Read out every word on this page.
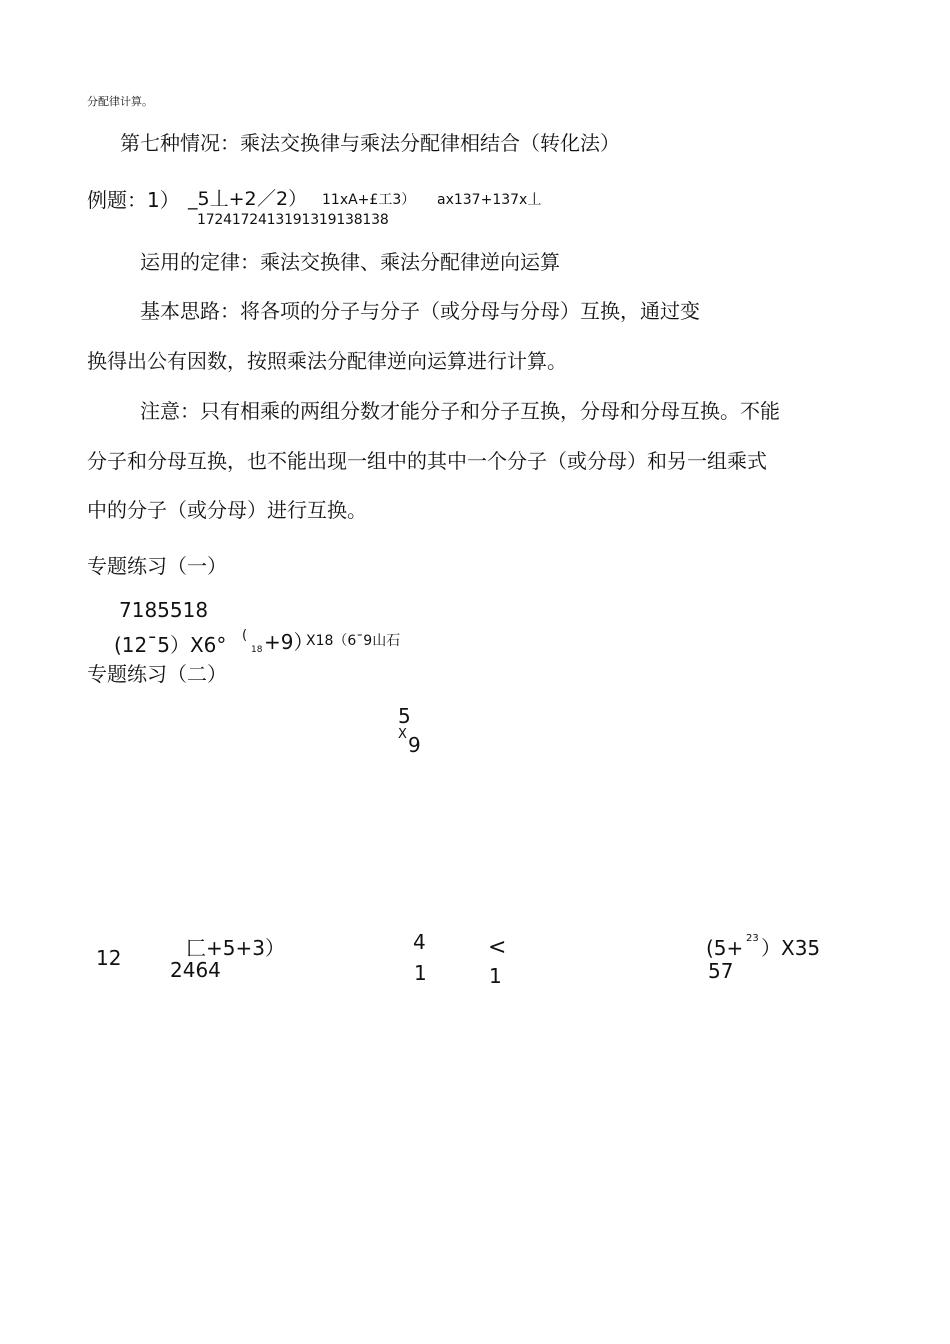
分配律计算。
第七种情况：乘法交换律与乘法分配律相结合（转化法）
例题：1） _5丄+2 ／2） 11xA+£工3） ax137+137x丄
17241724131913191381​38
运用的定律：乘法交换律、乘法分配律逆向运算
基本思路：将各项的分子与分子（或分母与分母）互换，通过变
换得出公有因数，按照乘法分配律逆向运算进行计算。
注意：只有相乘的两组分数才能分子和分子互换，分母和分母互换。不能
分子和分母互换，也不能出现一组中的其中一个分子（或分母）和另一组乘式
中的分子（或分母）进行互换。
专题练习（一）
7185518
(12ˉ5）X6° (
18 +9）
X18（6ˉ9山石
专题练习（二）
5
X 9
12	匚+5+3）
2464
4
1
<
1
(5+ 23 ）X35
57
